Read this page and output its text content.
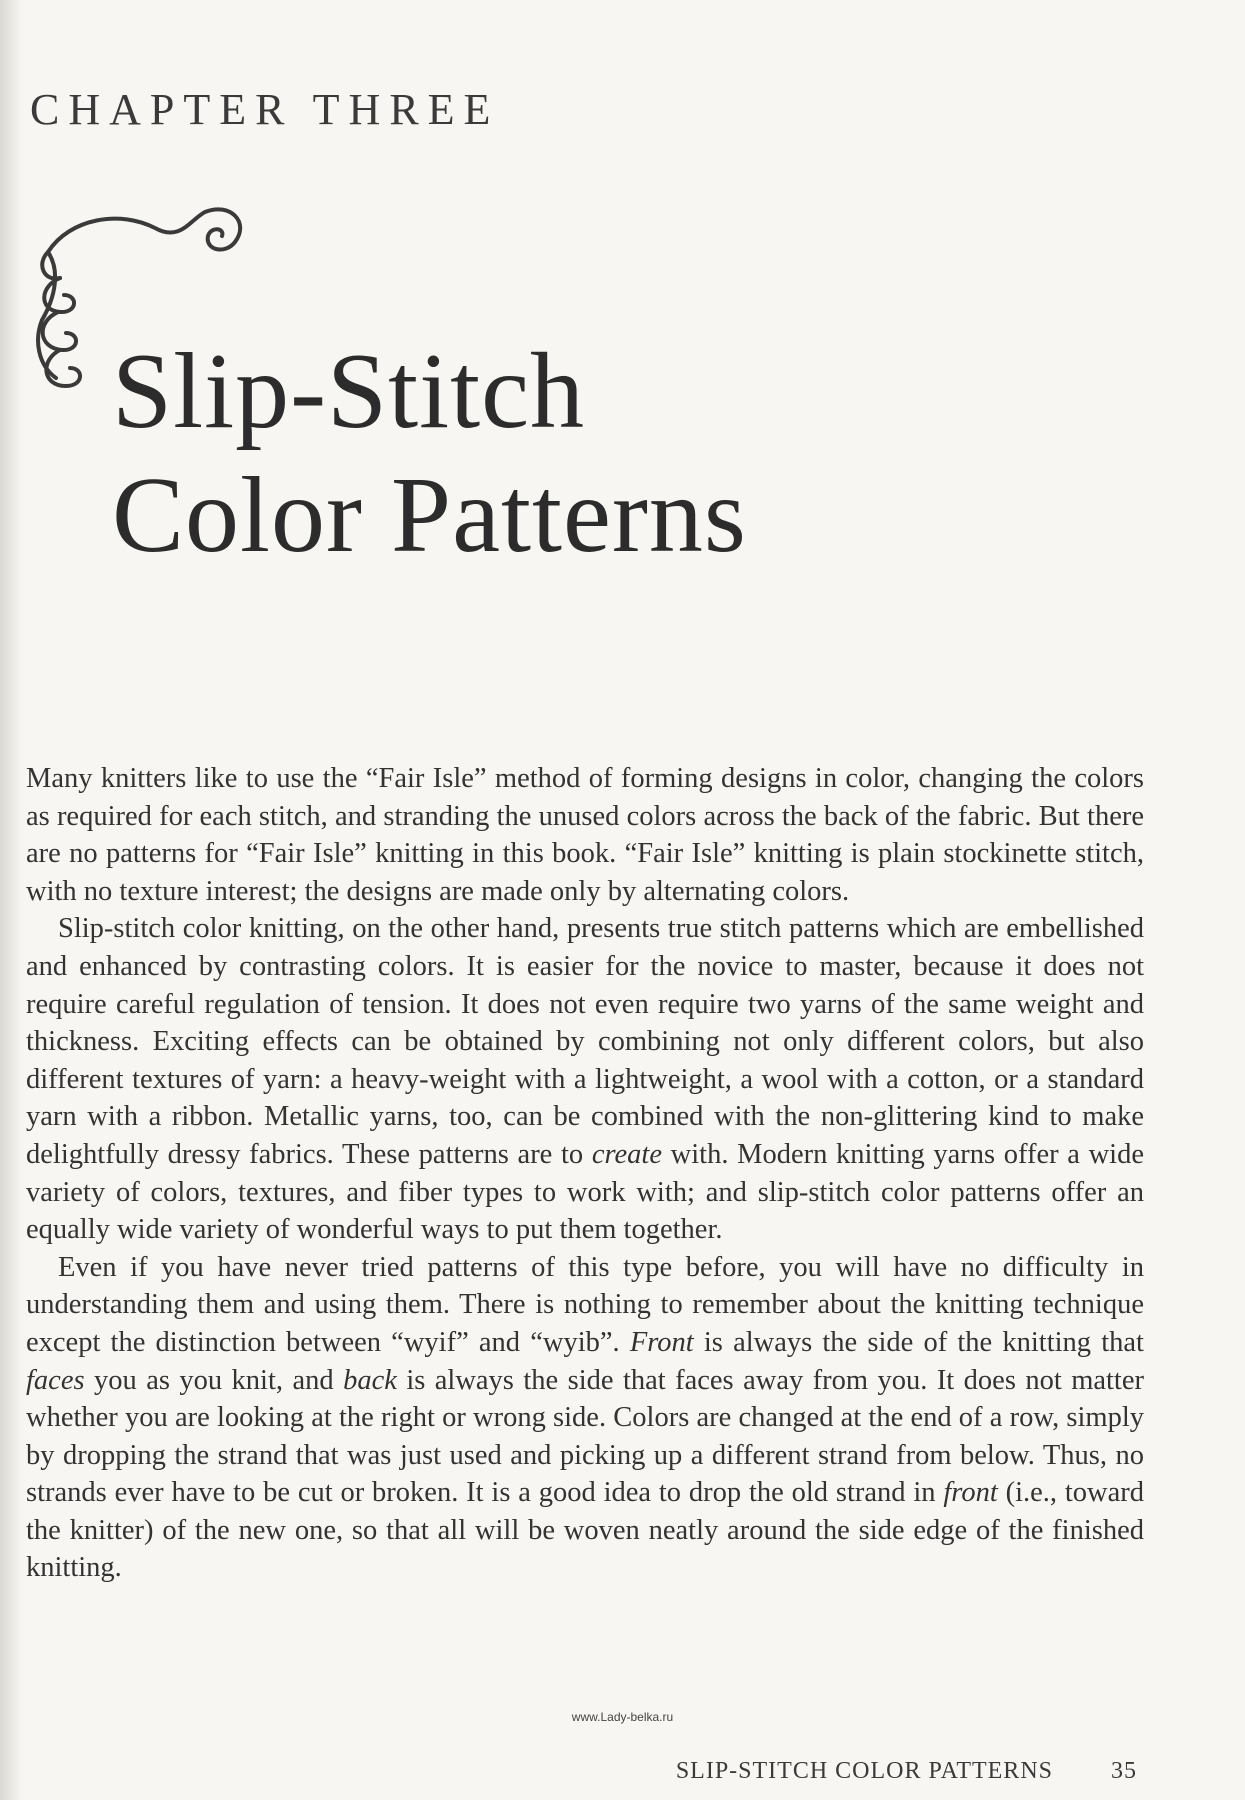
CHAPTER THREE
Slip-Stitch
Color Patterns

Many knitters like to use the “Fair Isle” method of forming designs in color, changing the colors as required for each stitch, and stranding the unused colors across the back of the fabric. But there are no patterns for “Fair Isle” knitting in this book. “Fair Isle” knitting is plain stockinette stitch, with no texture interest; the designs are made only by alternating colors.

Slip-stitch color knitting, on the other hand, presents true stitch patterns which are embellished and enhanced by contrasting colors. It is easier for the novice to master, because it does not require careful regulation of tension. It does not even require two yarns of the same weight and thickness. Exciting effects can be obtained by combining not only different colors, but also different textures of yarn: a heavy-weight with a lightweight, a wool with a cotton, or a standard yarn with a ribbon. Metallic yarns, too, can be combined with the non-glittering kind to make delightfully dressy fabrics. These patterns are to create with. Modern knitting yarns offer a wide variety of colors, textures, and fiber types to work with; and slip-stitch color patterns offer an equally wide variety of wonderful ways to put them together.

Even if you have never tried patterns of this type before, you will have no difficulty in understanding them and using them. There is nothing to remember about the knitting technique except the distinction between “wyif” and “wyib”. Front is always the side of the knitting that faces you as you knit, and back is always the side that faces away from you. It does not matter whether you are looking at the right or wrong side. Colors are changed at the end of a row, simply by dropping the strand that was just used and picking up a different strand from below. Thus, no strands ever have to be cut or broken. It is a good idea to drop the old strand in front (i.e., toward the knitter) of the new one, so that all will be woven neatly around the side edge of the finished knitting.

www.Lady-belka.ru
SLIP-STITCH COLOR PATTERNS 35
